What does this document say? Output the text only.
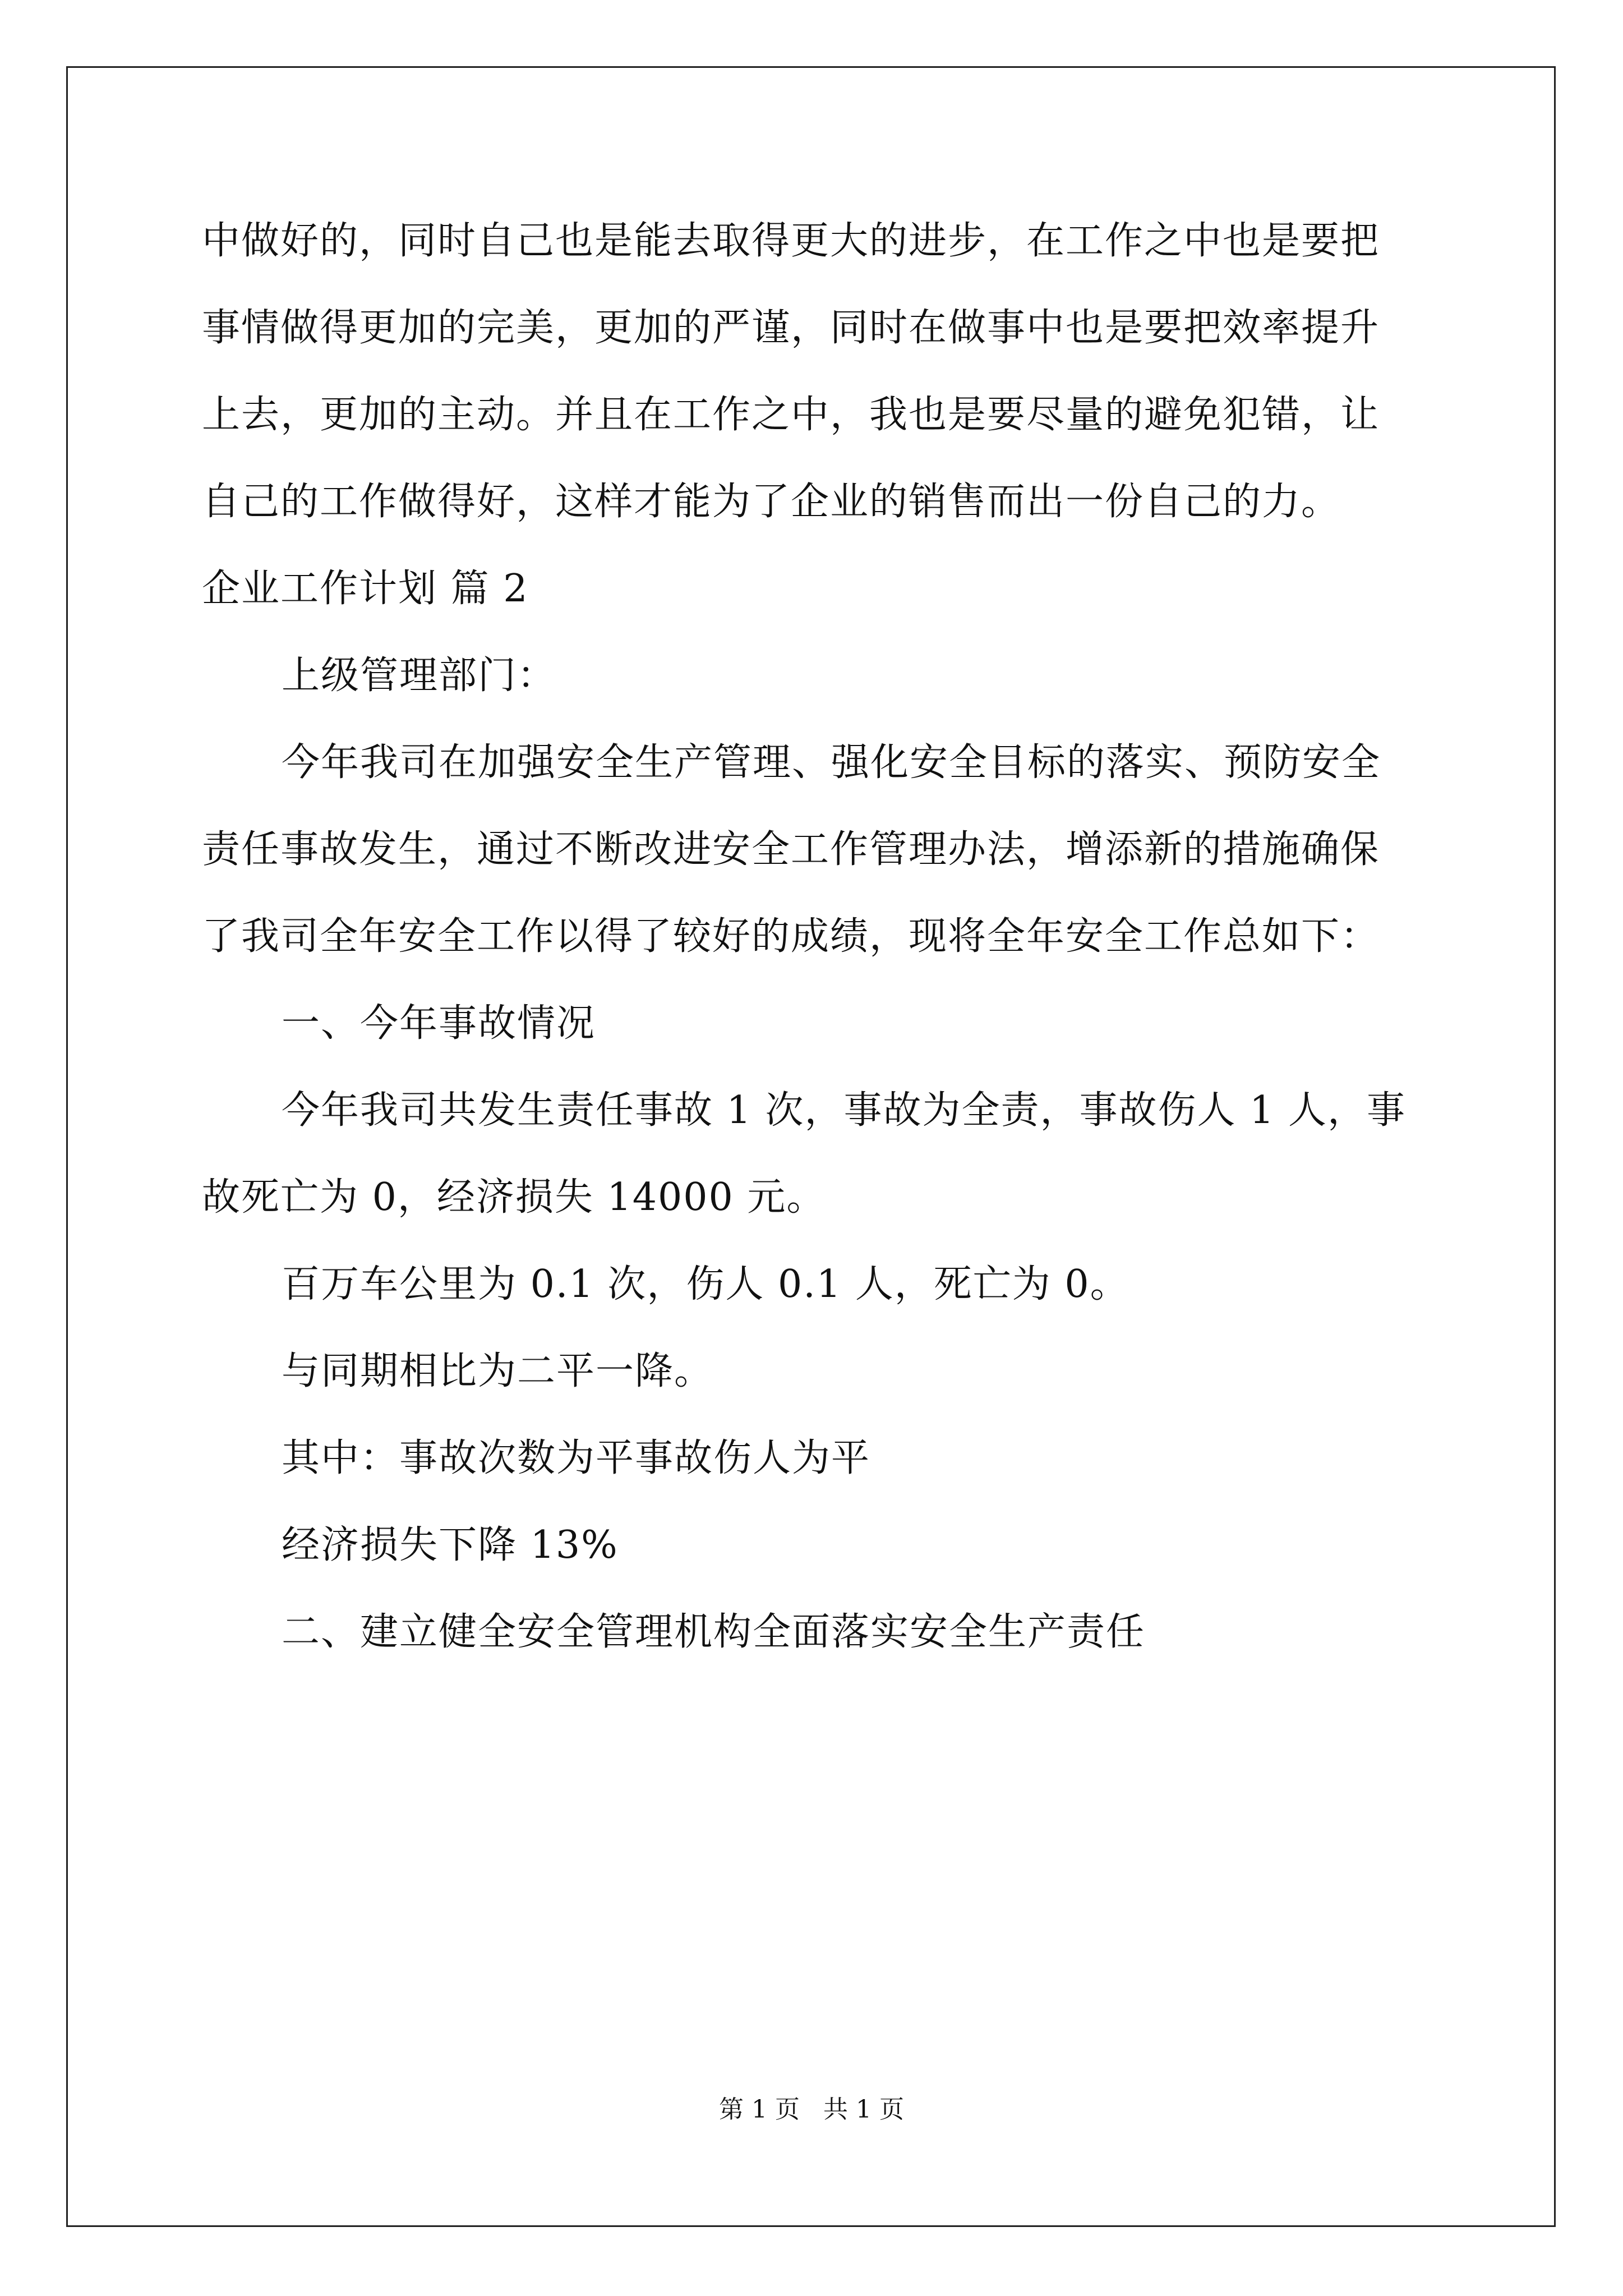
中做好的，同时自己也是能去取得更大的进步，在工作之中也是要把
事情做得更加的完美，更加的严谨，同时在做事中也是要把效率提升
上去，更加的主动。并且在工作之中，我也是要尽量的避免犯错，让
自己的工作做得好，这样才能为了企业的销售而出一份自己的力。
企业工作计划 篇 2
上级管理部门：
今年我司在加强安全生产管理、强化安全目标的落实、预防安全
责任事故发生，通过不断改进安全工作管理办法，增添新的措施确保
了我司全年安全工作以得了较好的成绩，现将全年安全工作总如下：
一、今年事故情况
今年我司共发生责任事故 1 次，事故为全责，事故伤人 1 人，事
故死亡为 0，经济损失 14000 元。
百万车公里为 0.1 次，伤人 0.1 人，死亡为 0。
与同期相比为二平一降。
其中：事故次数为平事故伤人为平
经济损失下降 13%
二、建立健全安全管理机构全面落实安全生产责任
第 1 页   共 1 页
